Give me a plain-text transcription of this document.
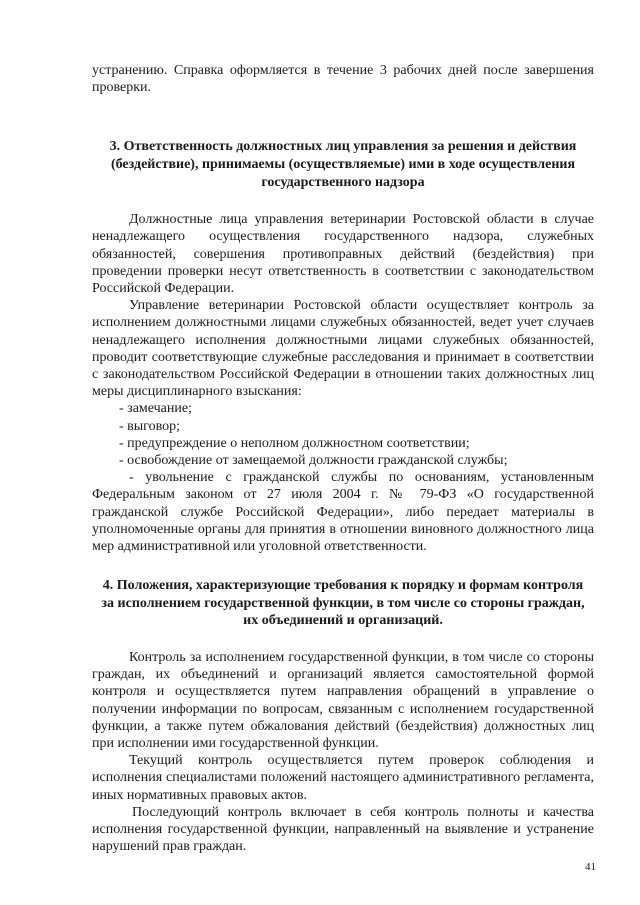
устранению. Справка оформляется в течение 3 рабочих дней после завершения проверки.

3. Ответственность должностных лиц управления за решения и действия (бездействие), принимаемы (осуществляемые) ими в ходе осуществления государственного надзора

Должностные лица управления ветеринарии Ростовской области в случае ненадлежащего осуществления государственного надзора, служебных обязанностей, совершения противоправных действий (бездействия) при проведении проверки несут ответственность в соответствии с законодательством Российской Федерации.

Управление ветеринарии Ростовской области осуществляет контроль за исполнением должностными лицами служебных обязанностей, ведет учет случаев ненадлежащего исполнения должностными лицами служебных обязанностей, проводит соответствующие служебные расследования и принимает в соответствии с законодательством Российской Федерации в отношении таких должностных лиц меры дисциплинарного взыскания:

- замечание;
- выговор;
- предупреждение о неполном должностном соответствии;
- освобождение от замещаемой должности гражданской службы;
- увольнение с гражданской службы по основаниям, установленным Федеральным законом от 27 июля 2004 г. № 79-ФЗ «О государственной гражданской службе Российской Федерации», либо передает материалы в уполномоченные органы для принятия в отношении виновного должностного лица мер административной или уголовной ответственности.
4. Положения, характеризующие требования к порядку и формам контроля за исполнением государственной функции, в том числе со стороны граждан, их объединений и организаций.

Контроль за исполнением государственной функции, в том числе со стороны граждан, их объединений и организаций является самостоятельной формой контроля и осуществляется путем направления обращений в управление о получении информации по вопросам, связанным с исполнением государственной функции, а также путем обжалования действий (бездействия) должностных лиц при исполнении ими государственной функции.

Текущий контроль осуществляется путем проверок соблюдения и исполнения специалистами положений настоящего административного регламента, иных нормативных правовых актов.

Последующий контроль включает в себя контроль полноты и качества исполнения государственной функции, направленный на выявление и устранение нарушений прав граждан.

41
